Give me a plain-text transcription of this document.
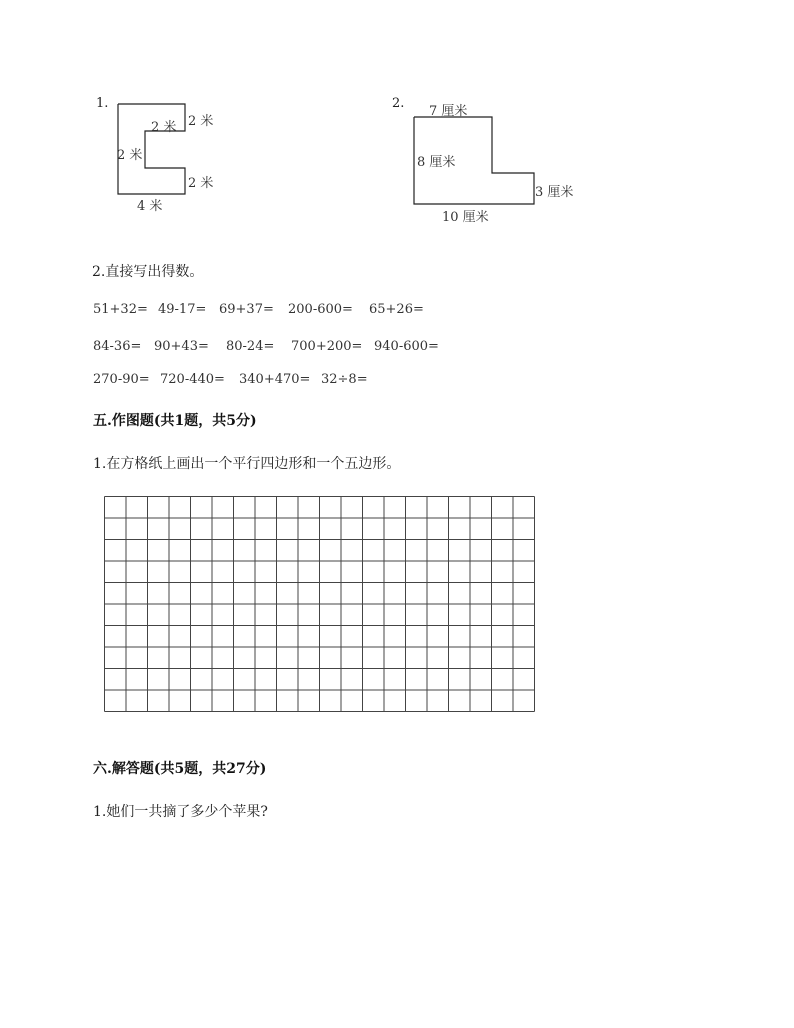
1.
2 米
2 米
2 米
2 米
4 米
2.
7 厘米
8 厘米
3 厘米
10 厘米
2.直接写出得数。
51+32= 49-17= 69+37= 200-600= 65+26=
84-36= 90+43= 80-24= 700+200= 940-600=
270-90= 720-440= 340+470= 32÷8=
五.作图题(共1题，共5分)
1.在方格纸上画出一个平行四边形和一个五边形。
六.解答题(共5题，共27分)
1.她们一共摘了多少个苹果?
